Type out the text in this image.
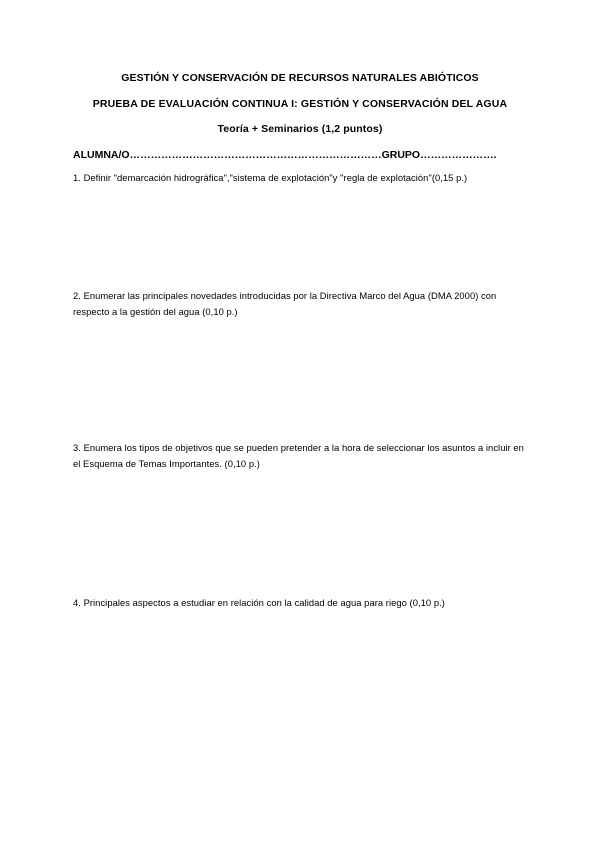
GESTIÓN Y CONSERVACIÓN DE RECURSOS NATURALES ABIÓTICOS
PRUEBA DE EVALUACIÓN CONTINUA I: GESTIÓN Y CONSERVACIÓN DEL AGUA
Teoría + Seminarios (1,2 puntos)
ALUMNA/O………………………………………………………………GRUPO………………….
1. Definir "demarcación hidrográfica","sistema de explotación"y "regla de explotación"(0,15 p.)
2. Enumerar las principales novedades introducidas por la Directiva Marco del Agua (DMA 2000) con respecto a la gestión del agua (0,10 p.)
3. Enumera los tipos de objetivos que se pueden pretender a la hora de seleccionar los asuntos a incluir en el Esquema de Temas Importantes. (0,10 p.)
4. Principales aspectos a estudiar en relación con la calidad de agua para riego (0,10 p.)
